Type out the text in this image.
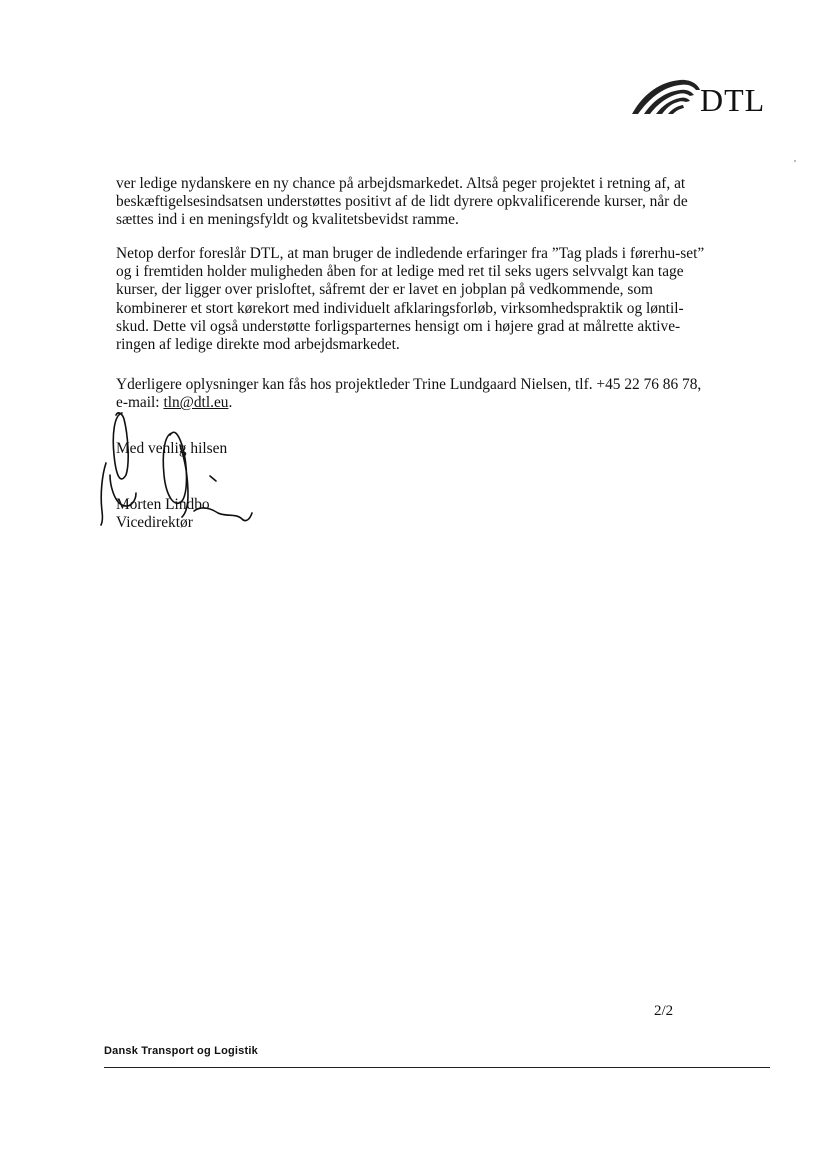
DTL

ver ledige nydanskere en ny chance på arbejdsmarkedet. Altså peger projektet i retning af, at beskæftigelsesindsatsen understøttes positivt af de lidt dyrere opkvalificerende kurser, når de sættes ind i en meningsfyldt og kvalitetsbevidst ramme.

Netop derfor foreslår DTL, at man bruger de indledende erfaringer fra ”Tag plads i førerhu-set” og i fremtiden holder muligheden åben for at ledige med ret til seks ugers selvvalgt kan tage kurser, der ligger over prisloftet, såfremt der er lavet en jobplan på vedkommende, som kombinerer et stort kørekort med individuelt afklaringsforløb, virksomhedspraktik og løntil-skud. Dette vil også understøtte forligsparternes hensigt om i højere grad at målrette aktive-ringen af ledige direkte mod arbejdsmarkedet.

Yderligere oplysninger kan fås hos projektleder Trine Lundgaard Nielsen, tlf. +45 22 76 86 78, e-mail: tln@dtl.eu.

Med venlig hilsen
Morten Lindbo
Vicedirektør
2/2
Dansk Transport og Logistik
